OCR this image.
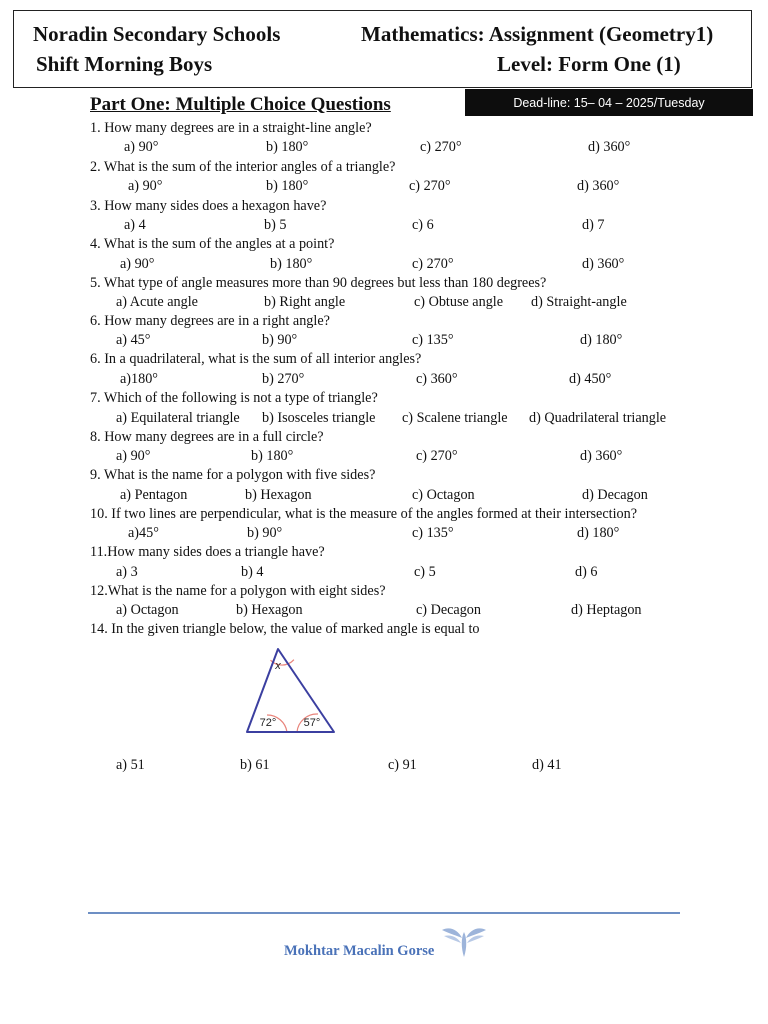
Noradin Secondary Schools
Shift Morning Boys
Mathematics: Assignment (Geometry1)
Level: Form One (1)
Part One: Multiple Choice Questions	Dead-line: 15– 04 – 2025/Tuesday
1. How many degrees are in a straight-line angle?
a) 90°	b) 180°	c) 270°	d) 360°
2. What is the sum of the interior angles of a triangle?
a) 90°	b) 180°	c) 270°	d) 360°
3. How many sides does a hexagon have?
a) 4	b) 5	c) 6	d) 7
4. What is the sum of the angles at a point?
a) 90°	b) 180°	c) 270°	d) 360°
5. What type of angle measures more than 90 degrees but less than 180 degrees?
a) Acute angle	b) Right angle	c) Obtuse angle d) Straight-angle
6. How many degrees are in a right angle?
a) 45°	b) 90°	c) 135°	d) 180°
6. In a quadrilateral, what is the sum of all interior angles?
a)180°	b) 270°	c) 360°	d) 450°
7. Which of the following is not a type of triangle?
a) Equilateral triangle b) Isosceles triangle c) Scalene triangle d) Quadrilateral triangle
8. How many degrees are in a full circle?
a) 90°	b) 180°	c) 270°	d) 360°
9. What is the name for a polygon with five sides?
a) Pentagon	b) Hexagon	c) Octagon	d) Decagon
10. If two lines are perpendicular, what is the measure of the angles formed at their intersection?
a)45°	b) 90°	c) 135°	d) 180°
11.How many sides does a triangle have?
a) 3	b) 4	c) 5	d) 6
12.What is the name for a polygon with eight sides?
a) Octagon	b) Hexagon	c) Decagon	d) Heptagon
14. In the given triangle below, the value of marked angle is equal to
x
72° 57°
a) 51	b) 61	c) 91	d) 41
Mokhtar Macalin Gorse
